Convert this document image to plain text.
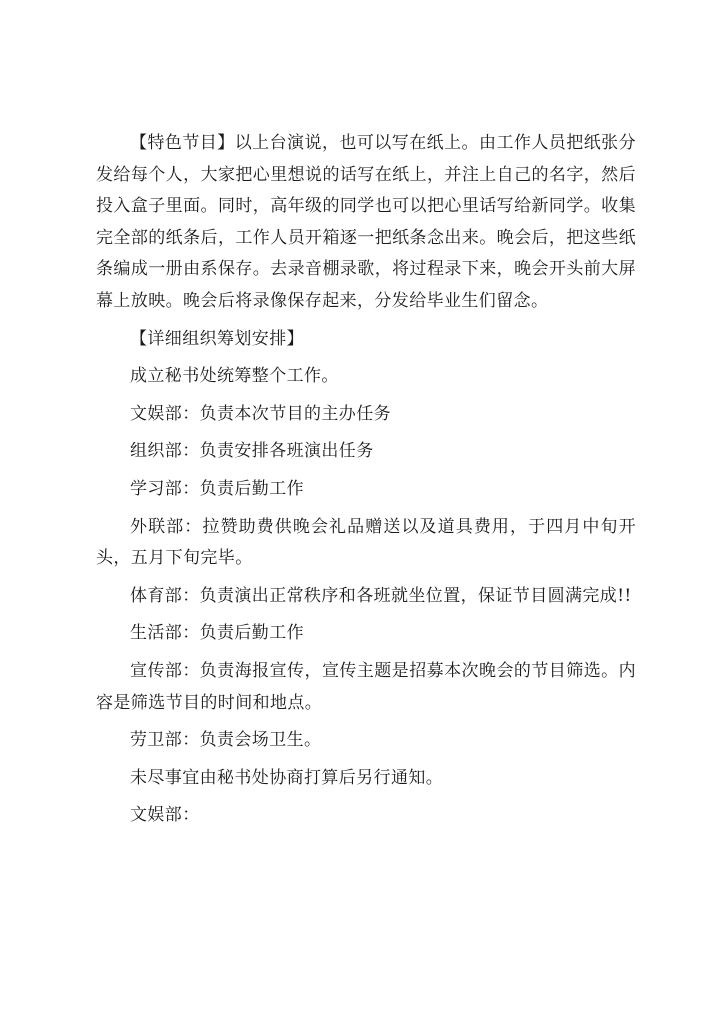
【特色节目】以上台演说，也可以写在纸上。由工作人员把纸张分发给每个人，大家把心里想说的话写在纸上，并注上自己的名字，然后投入盒子里面。同时，高年级的同学也可以把心里话写给新同学。收集完全部的纸条后，工作人员开箱逐一把纸条念出来。晚会后，把这些纸条编成一册由系保存。去录音棚录歌，将过程录下来，晚会开头前大屏幕上放映。晚会后将录像保存起来，分发给毕业生们留念。

【详细组织筹划安排】

成立秘书处统筹整个工作。

文娱部：负责本次节目的主办任务

组织部：负责安排各班演出任务

学习部：负责后勤工作

外联部：拉赞助费供晚会礼品赠送以及道具费用，于四月中旬开头，五月下旬完毕。

体育部：负责演出正常秩序和各班就坐位置，保证节目圆满完成!!

生活部：负责后勤工作

宣传部：负责海报宣传，宣传主题是招募本次晚会的节目筛选。内容是筛选节目的时间和地点。

劳卫部：负责会场卫生。

未尽事宜由秘书处协商打算后另行通知。

文娱部：
